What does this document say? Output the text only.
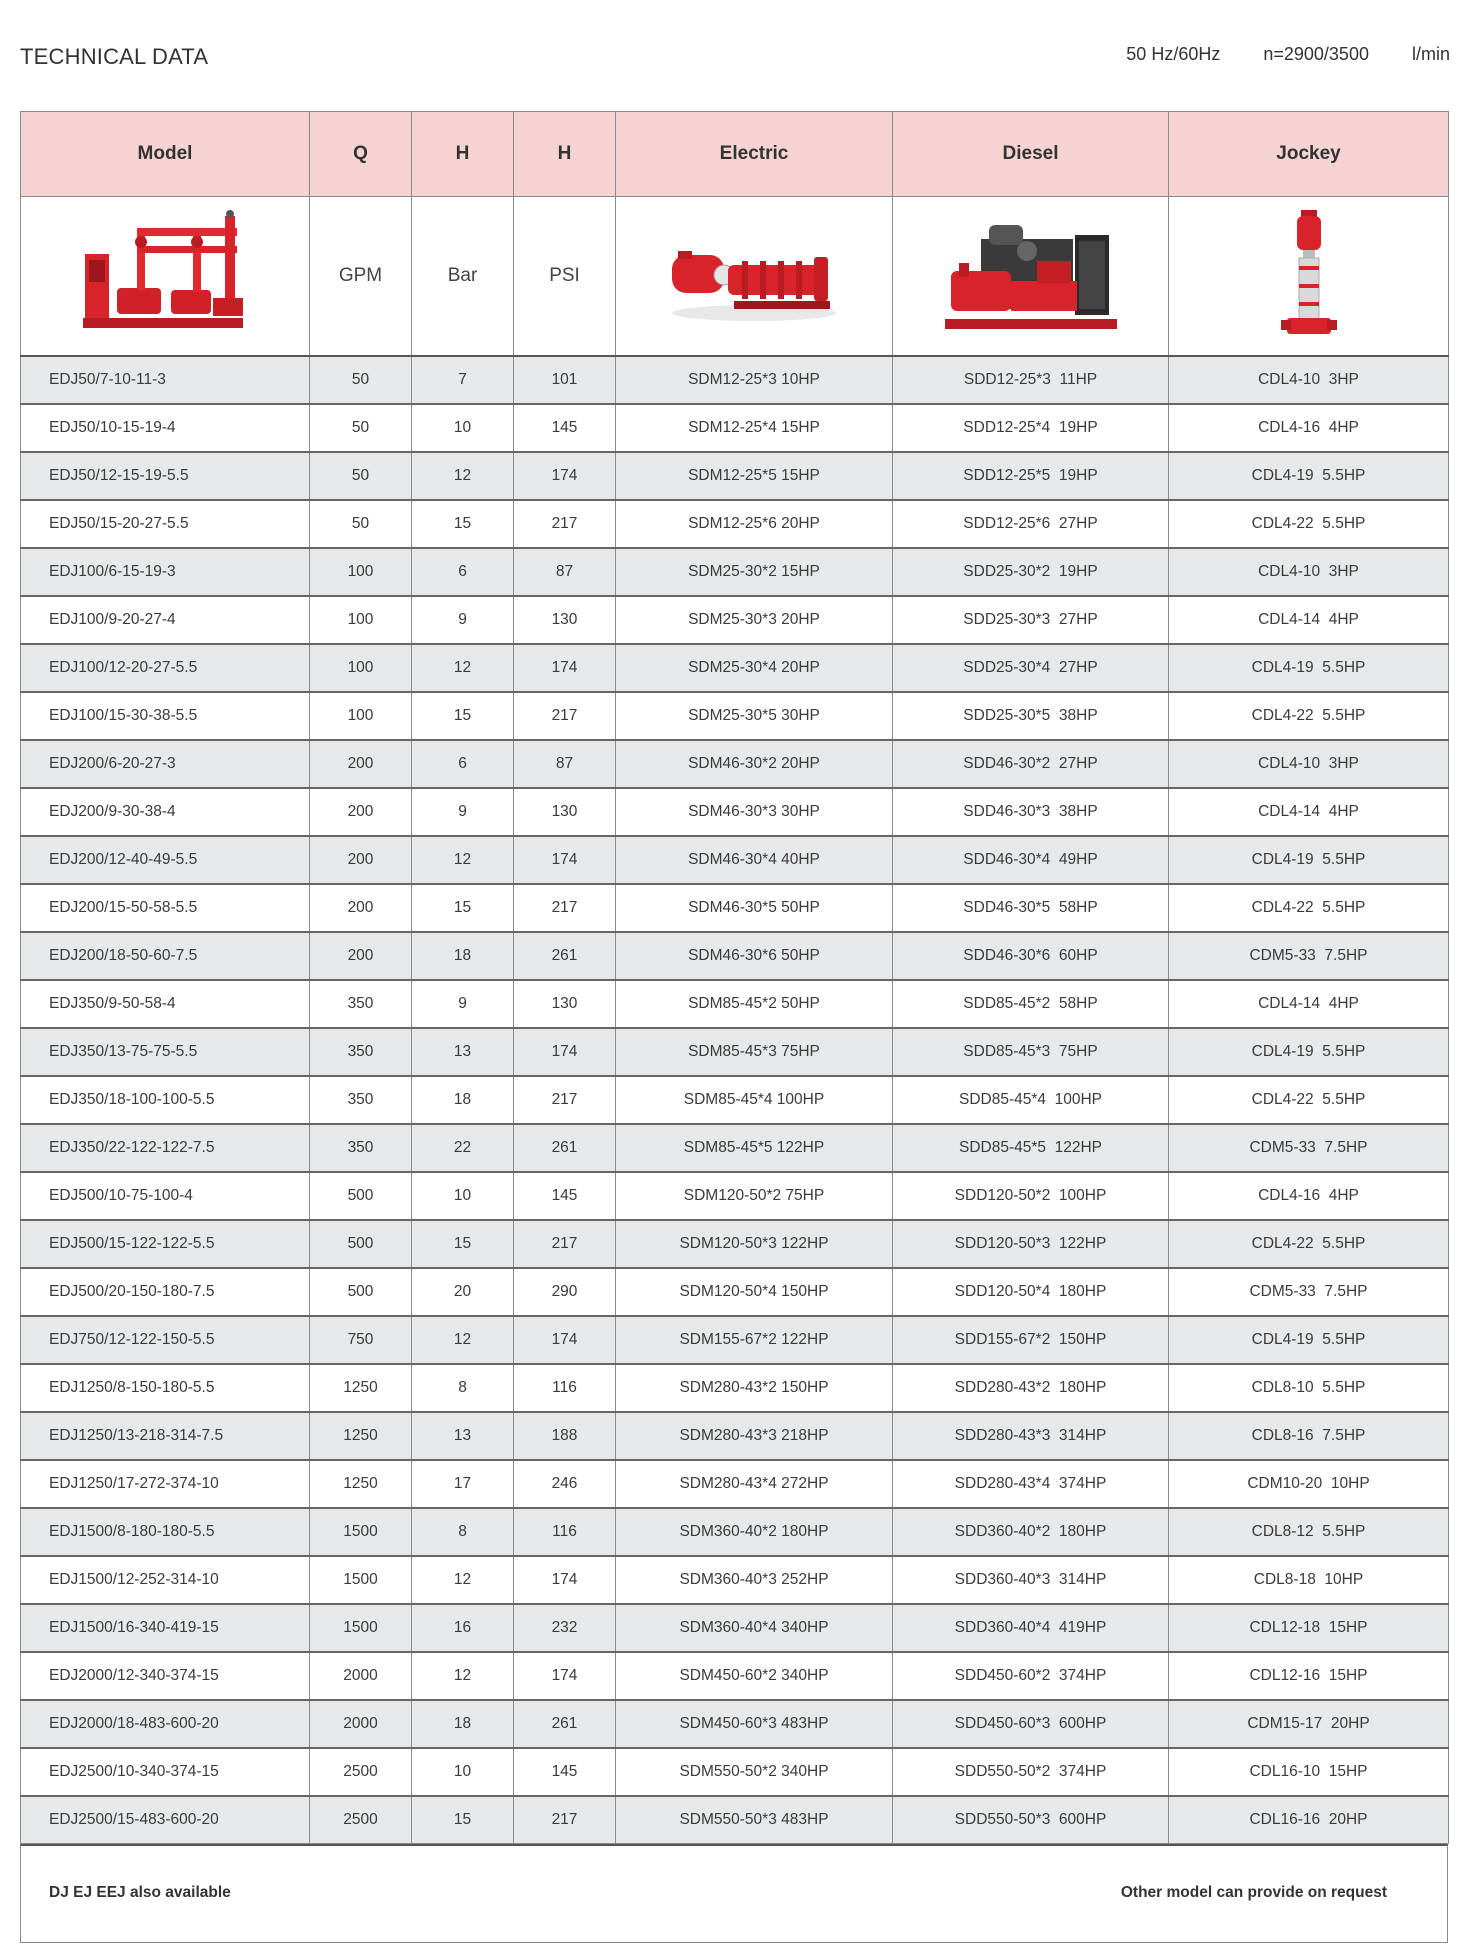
TECHNICAL DATA	50 Hz/60Hz n=2900/3500 l/min
Model	Q	H	H	Electric	Diesel	Jockey
	GPM	Bar	PSI			
EDJ50/7-10-11-3	50	7	101	SDM12-25*3 10HP	SDD12-25*3  11HP	CDL4-10  3HP
EDJ50/10-15-19-4	50	10	145	SDM12-25*4 15HP	SDD12-25*4  19HP	CDL4-16  4HP
EDJ50/12-15-19-5.5	50	12	174	SDM12-25*5 15HP	SDD12-25*5  19HP	CDL4-19  5.5HP
EDJ50/15-20-27-5.5	50	15	217	SDM12-25*6 20HP	SDD12-25*6  27HP	CDL4-22  5.5HP
EDJ100/6-15-19-3	100	6	87	SDM25-30*2 15HP	SDD25-30*2  19HP	CDL4-10  3HP
EDJ100/9-20-27-4	100	9	130	SDM25-30*3 20HP	SDD25-30*3  27HP	CDL4-14  4HP
EDJ100/12-20-27-5.5	100	12	174	SDM25-30*4 20HP	SDD25-30*4  27HP	CDL4-19  5.5HP
EDJ100/15-30-38-5.5	100	15	217	SDM25-30*5 30HP	SDD25-30*5  38HP	CDL4-22  5.5HP
EDJ200/6-20-27-3	200	6	87	SDM46-30*2 20HP	SDD46-30*2  27HP	CDL4-10  3HP
EDJ200/9-30-38-4	200	9	130	SDM46-30*3 30HP	SDD46-30*3  38HP	CDL4-14  4HP
EDJ200/12-40-49-5.5	200	12	174	SDM46-30*4 40HP	SDD46-30*4  49HP	CDL4-19  5.5HP
EDJ200/15-50-58-5.5	200	15	217	SDM46-30*5 50HP	SDD46-30*5  58HP	CDL4-22  5.5HP
EDJ200/18-50-60-7.5	200	18	261	SDM46-30*6 50HP	SDD46-30*6  60HP	CDM5-33  7.5HP
EDJ350/9-50-58-4	350	9	130	SDM85-45*2 50HP	SDD85-45*2  58HP	CDL4-14  4HP
EDJ350/13-75-75-5.5	350	13	174	SDM85-45*3 75HP	SDD85-45*3  75HP	CDL4-19  5.5HP
EDJ350/18-100-100-5.5	350	18	217	SDM85-45*4 100HP	SDD85-45*4  100HP	CDL4-22  5.5HP
EDJ350/22-122-122-7.5	350	22	261	SDM85-45*5 122HP	SDD85-45*5  122HP	CDM5-33  7.5HP
EDJ500/10-75-100-4	500	10	145	SDM120-50*2 75HP	SDD120-50*2  100HP	CDL4-16  4HP
EDJ500/15-122-122-5.5	500	15	217	SDM120-50*3 122HP	SDD120-50*3  122HP	CDL4-22  5.5HP
EDJ500/20-150-180-7.5	500	20	290	SDM120-50*4 150HP	SDD120-50*4  180HP	CDM5-33  7.5HP
EDJ750/12-122-150-5.5	750	12	174	SDM155-67*2 122HP	SDD155-67*2  150HP	CDL4-19  5.5HP
EDJ1250/8-150-180-5.5	1250	8	116	SDM280-43*2 150HP	SDD280-43*2  180HP	CDL8-10  5.5HP
EDJ1250/13-218-314-7.5	1250	13	188	SDM280-43*3 218HP	SDD280-43*3  314HP	CDL8-16  7.5HP
EDJ1250/17-272-374-10	1250	17	246	SDM280-43*4 272HP	SDD280-43*4  374HP	CDM10-20  10HP
EDJ1500/8-180-180-5.5	1500	8	116	SDM360-40*2 180HP	SDD360-40*2  180HP	CDL8-12  5.5HP
EDJ1500/12-252-314-10	1500	12	174	SDM360-40*3 252HP	SDD360-40*3  314HP	CDL8-18  10HP
EDJ1500/16-340-419-15	1500	16	232	SDM360-40*4 340HP	SDD360-40*4  419HP	CDL12-18  15HP
EDJ2000/12-340-374-15	2000	12	174	SDM450-60*2 340HP	SDD450-60*2  374HP	CDL12-16  15HP
EDJ2000/18-483-600-20	2000	18	261	SDM450-60*3 483HP	SDD450-60*3  600HP	CDM15-17  20HP
EDJ2500/10-340-374-15	2500	10	145	SDM550-50*2 340HP	SDD550-50*2  374HP	CDL16-10  15HP
EDJ2500/15-483-600-20	2500	15	217	SDM550-50*3 483HP	SDD550-50*3  600HP	CDL16-16  20HP
DJ EJ EEJ also available	Other model can provide on request
